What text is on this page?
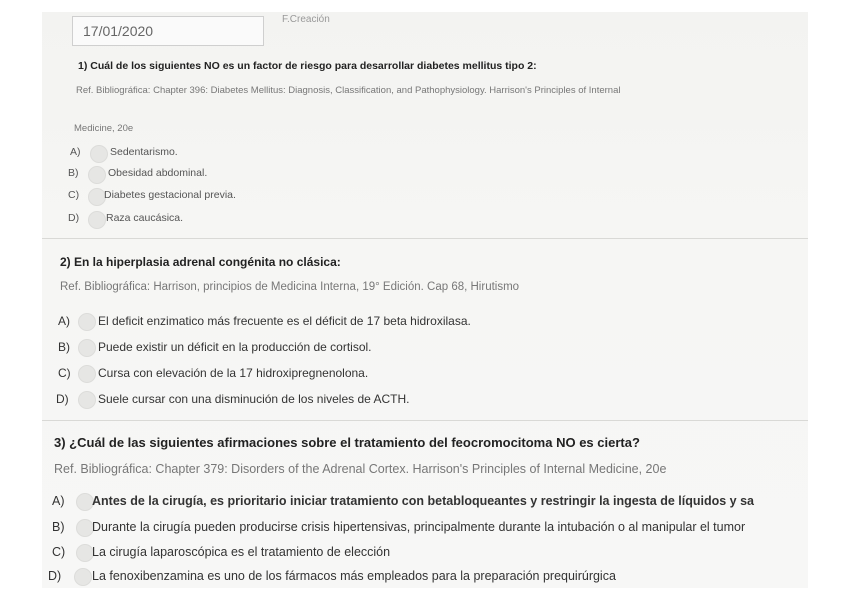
17/01/2020
F.Creación
1) Cuál de los siguientes NO es un factor de riesgo para desarrollar diabetes mellitus tipo 2:
Ref. Bibliográfica: Chapter 396: Diabetes Mellitus: Diagnosis, Classification, and Pathophysiology. Harrison's Principles of Internal
Medicine, 20e
A)	Sedentarismo.
B)	Obesidad abdominal.
C) Diabetes gestacional previa.
D)	Raza caucásica.
2) En la hiperplasia adrenal congénita no clásica:
Ref. Bibliográfica: Harrison, principios de Medicina Interna, 19° Edición. Cap 68, Hirutismo
A) El deficit enzimatico más frecuente es el déficit de 17 beta hidroxilasa.
B) Puede existir un déficit en la producción de cortisol.
C) Cursa con elevación de la 17 hidroxipregnenolona.
D) Suele cursar con una disminución de los niveles de ACTH.
3) ¿Cuál de las siguientes afirmaciones sobre el tratamiento del feocromocitoma NO es cierta?
Ref. Bibliográfica: Chapter 379: Disorders of the Adrenal Cortex. Harrison's Principles of Internal Medicine, 20e
A) Antes de la cirugía, es prioritario iniciar tratamiento con betabloqueantes y restringir la ingesta de líquidos y sa
B) Durante la cirugía pueden producirse crisis hipertensivas, principalmente durante la intubación o al manipular el tumor
C) La cirugía laparoscópica es el tratamiento de elección
D) La fenoxibenzamina es uno de los fármacos más empleados para la preparación prequirúrgica
